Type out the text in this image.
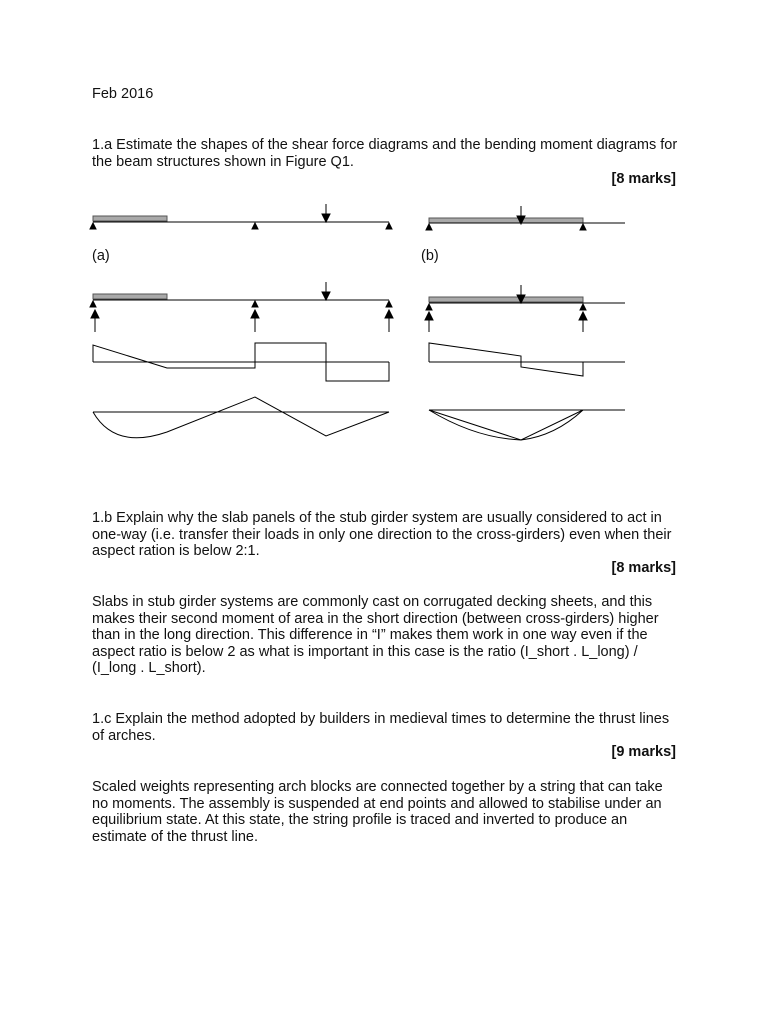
Feb 2016

1.a Estimate the shapes of the shear force diagrams and the bending moment diagrams for the beam structures shown in Figure Q1.

[8 marks]

(a)	(b)

1.b Explain why the slab panels of the stub girder system are usually considered to act in one-way (i.e. transfer their loads in only one direction to the cross-girders) even when their aspect ration is below 2:1.

[8 marks]

Slabs in stub girder systems are commonly cast on corrugated decking sheets, and this makes their second moment of area in the short direction (between cross-girders) higher than in the long direction. This difference in “I” makes them work in one way even if the aspect ratio is below 2 as what is important in this case is the ratio (I_short . L_long) / (I_long . L_short).

1.c Explain the method adopted by builders in medieval times to determine the thrust lines of arches.

[9 marks]

Scaled weights representing arch blocks are connected together by a string that can take no moments. The assembly is suspended at end points and allowed to stabilise under an equilibrium state. At this state, the string profile is traced and inverted to produce an estimate of the thrust line.
